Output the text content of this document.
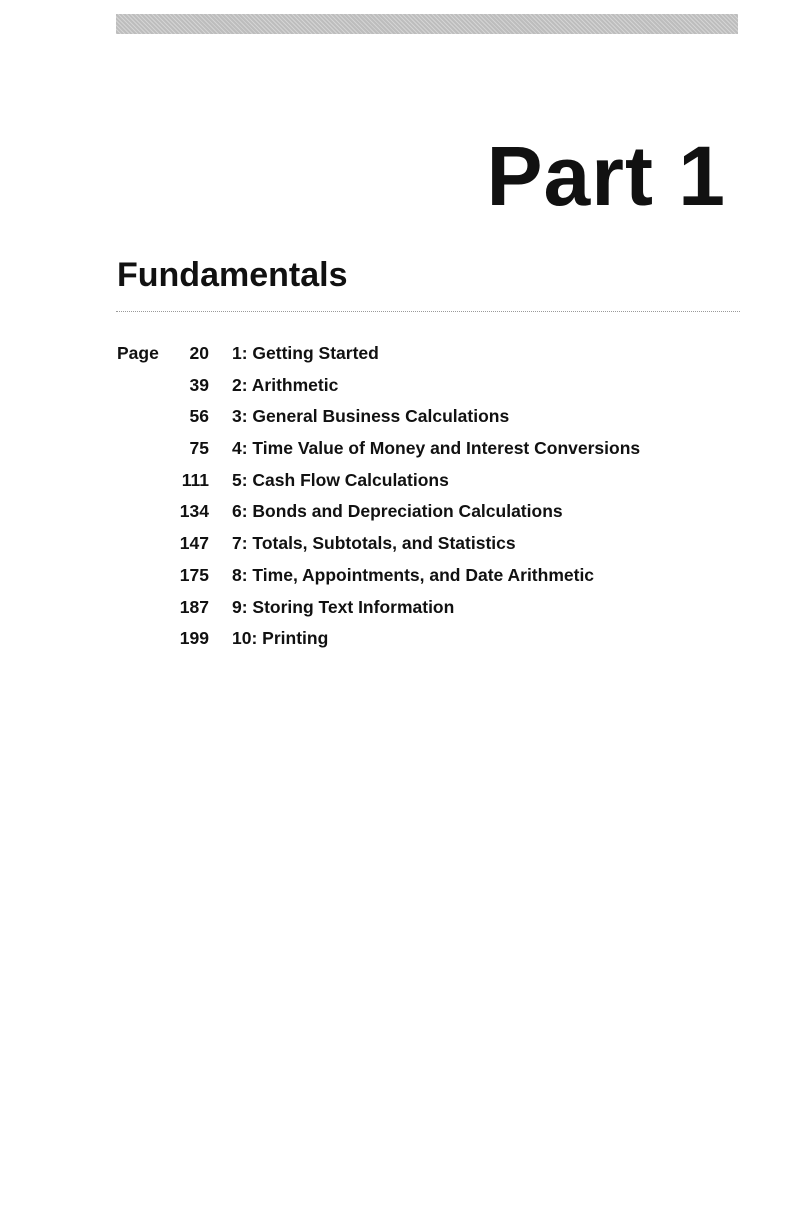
Part 1
Fundamentals
Page	20 1: Getting Started
39 2: Arithmetic
56 3: General Business Calculations
75 4: Time Value of Money and Interest Conversions
111 5: Cash Flow Calculations
134 6: Bonds and Depreciation Calculations
147 7: Totals, Subtotals, and Statistics
175 8: Time, Appointments, and Date Arithmetic
187 9: Storing Text Information
199 10: Printing
